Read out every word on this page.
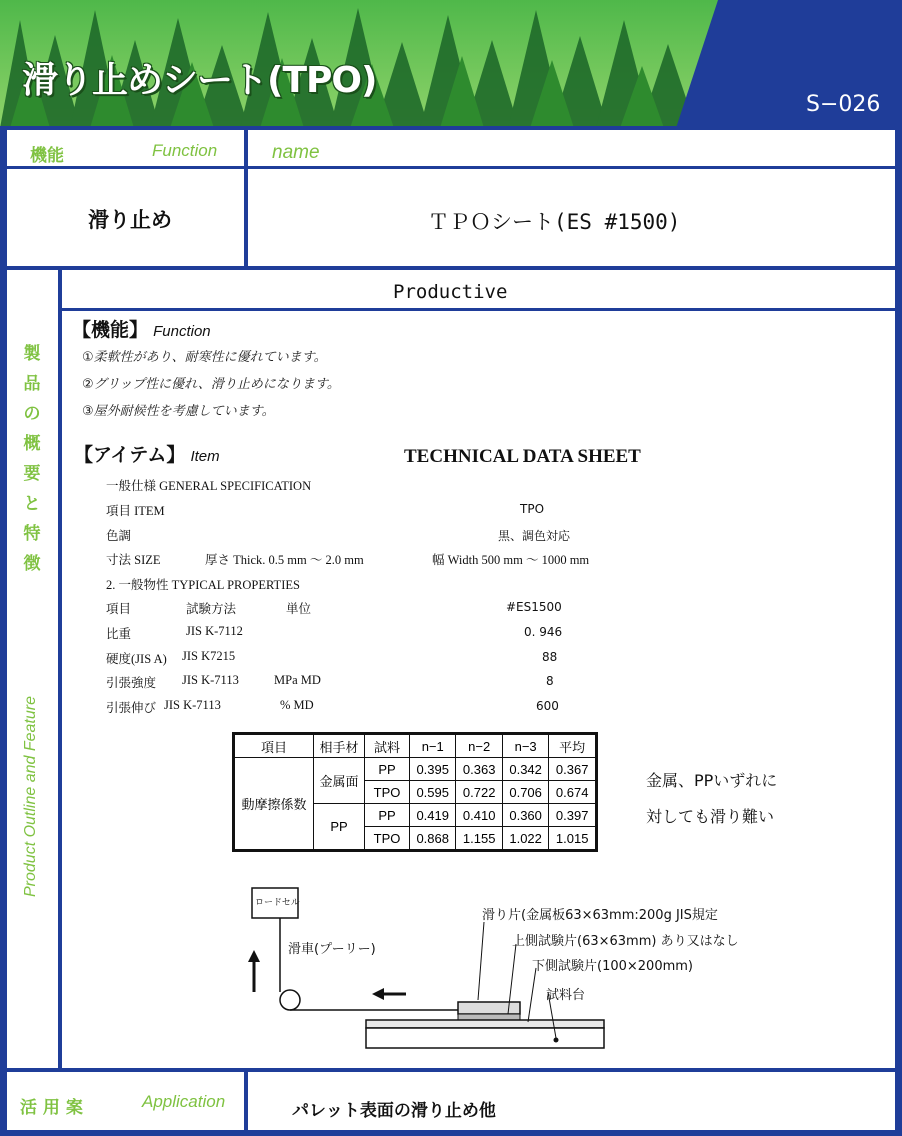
滑り止めシート(TPO)
S−026
機能	Function	name
滑り止め	ＴＰＯシート(ES #1500)
製
品
の
概
要
と
特
徴
Product Outline and Feature
Productive
【機能】 Function
①柔軟性があり、耐寒性に優れています。
②グリップ性に優れ、滑り止めになります。
③屋外耐候性を考慮しています。
【アイテム】 Item	TECHNICAL DATA SHEET
一般仕様 GENERAL SPECIFICATION
項目 ITEM	TPO
色調	黒、調色対応
寸法 SIZE	厚さ Thick. 0.5 mm ～ 2.0 mm	幅 Width 500 mm ～ 1000 mm
2. 一般物性 TYPICAL PROPERTIES
項目	試験方法	単位	#ES1500
比重	JIS K-7112	0. 946
硬度(JIS A) JIS K7215	88
引張強度 JIS K-7113	MPa MD	8
引張伸び JIS K-7113	% MD	600
項目	相手材	試料	n−1	n−2	n−3	平均
動摩擦係数	金属面	PP	0.395	0.363	0.342	0.367
		TPO	0.595	0.722	0.706	0.674
	PP	PP	0.419	0.410	0.360	0.397
		TPO	0.868	1.155	1.022	1.015
金属、PPいずれに
対しても滑り難い
ロードセル
滑車(プーリー)
滑り片(金属板63×63mm:200g JIS規定
上側試験片(63×63mm) あり又はなし
下側試験片(100×200mm)
試料台
活 用 案	Application	パレット表面の滑り止め他
